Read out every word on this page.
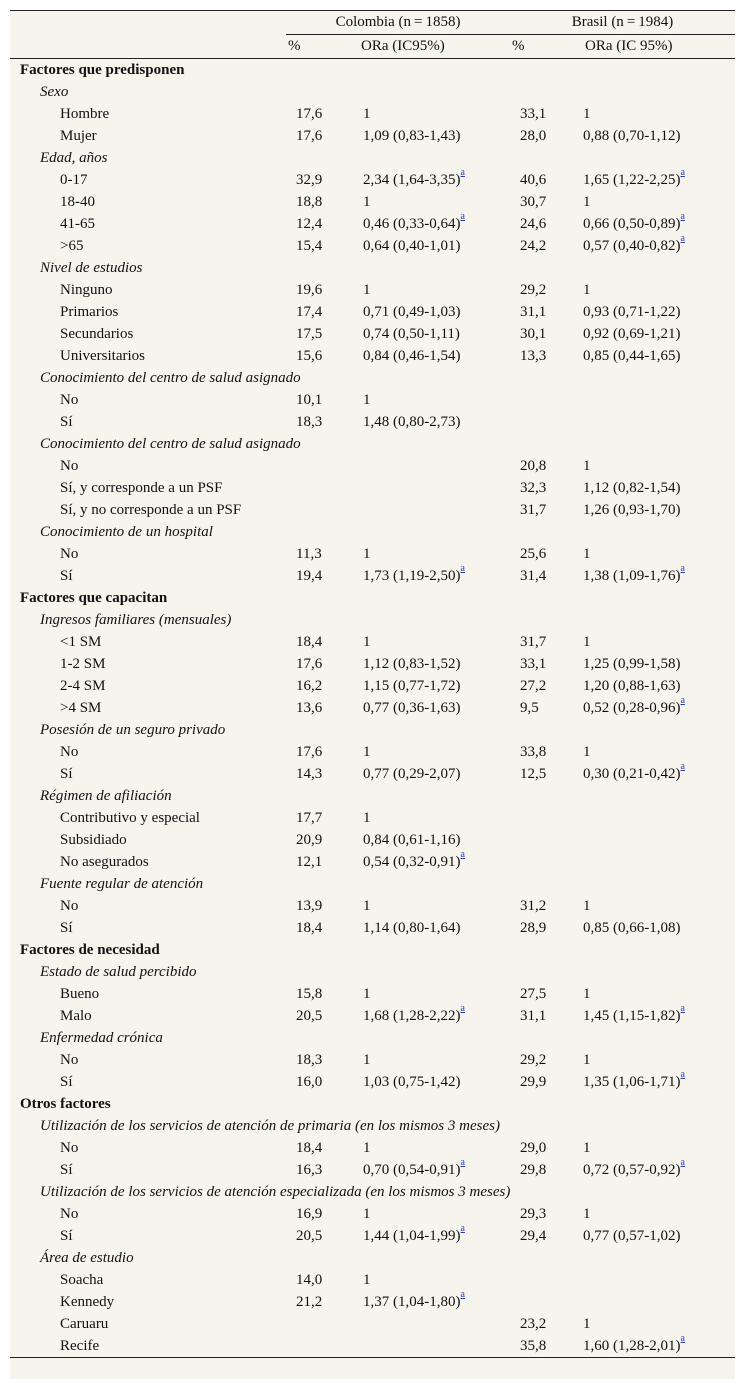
	Colombia (n = 1858)		Brasil (n = 1984)	
	%	ORa (IC95%)	%	ORa (IC 95%)
Factores que predisponen				
Sexo				
Hombre	17,6	1	33,1	1
Mujer	17,6	1,09 (0,83-1,43)	28,0	0,88 (0,70-1,12)
Edad, años				
0-17	32,9	2,34 $(1,64-3,35)^a$	40,6	1,65 $(1,22-2,25)^a$
18-40	18,8	1	30,7	1
41-65	12,4	0,46 $(0,33-0,64)^a$	24,6	0,66 $(0,50-0,89)^a$
>65	15,4	0,64 (0,40-1,01)	24,2	0,57 $(0,40-0,82)^a$
Nivel de estudios				
Ninguno	19,6	1	29,2	1
Primarios	17,4	0,71 (0,49-1,03)	31,1	0,93 (0,71-1,22)
Secundarios	17,5	0,74 (0,50-1,11)	30,1	0,92 (0,69-1,21)
Universitarios	15,6	0,84 (0,46-1,54)	13,3	0,85 (0,44-1,65)
Conocimiento del centro de salud asignado				
No	10,1	1		
Sí	18,3	1,48 (0,80-2,73)		
Conocimiento del centro de salud asignado				
No			20,8	1
Sí, y corresponde a un PSF			32,3	1,12 (0,82-1,54)
Sí, y no corresponde a un PSF			31,7	1,26 (0,93-1,70)
Conocimiento de un hospital				
No	11,3	1	25,6	1
Sí	19,4	1,73 $(1,19-2,50)^a$	31,4	1,38 $(1,09-1,76)^a$
Factores que capacitan				
Ingresos familiares (mensuales)				
<1 SM	18,4	1	31,7	1
1-2 SM	17,6	1,12 (0,83-1,52)	33,1	1,25 (0,99-1,58)
2-4 SM	16,2	1,15 (0,77-1,72)	27,2	1,20 (0,88-1,63)
>4 SM	13,6	0,77 (0,36-1,63)	9,5	0,52 $(0,28-0,96)^a$
Posesión de un seguro privado				
No	17,6	1	33,8	1
Sí	14,3	0,77 (0,29-2,07)	12,5	0,30 $(0,21-0,42)^a$
Régimen de afiliación				
Contributivo y especial	17,7	1		
Subsidiado	20,9	0,84 (0,61-1,16)		
No asegurados	12,1	0,54 $(0,32-0,91)^a$		
Fuente regular de atención				
No	13,9	1	31,2	1
Sí	18,4	1,14 (0,80-1,64)	28,9	0,85 (0,66-1,08)
Factores de necesidad				
Estado de salud percibido				
Bueno	15,8	1	27,5	1
Malo	20,5	1,68 $(1,28-2,22)^a$	31,1	1,45 $(1,15-1,82)^a$
Enfermedad crónica				
No	18,3	1	29,2	1
Sí	16,0	1,03 (0,75-1,42)	29,9	1,35 $(1,06-1,71)^a$
Otros factores				
Utilización de los servicios de atención de primaria (en los mismos 3 meses)				
No	18,4	1	29,0	1
Sí	16,3	0,70 $(0,54-0,91)^a$	29,8	0,72 $(0,57-0,92)^a$
Utilización de los servicios de atención especializada (en los mismos 3 meses)				
No	16,9	1	29,3	1
Sí	20,5	1,44 $(1,04-1,99)^a$	29,4	0,77 (0,57-1,02)
Área de estudio				
Soacha	14,0	1		
Kennedy	21,2	1,37 $(1,04-1,80)^a$		
Caruaru			23,2	1
Recife			35,8	1,60 $(1,28-2,01)^a$
